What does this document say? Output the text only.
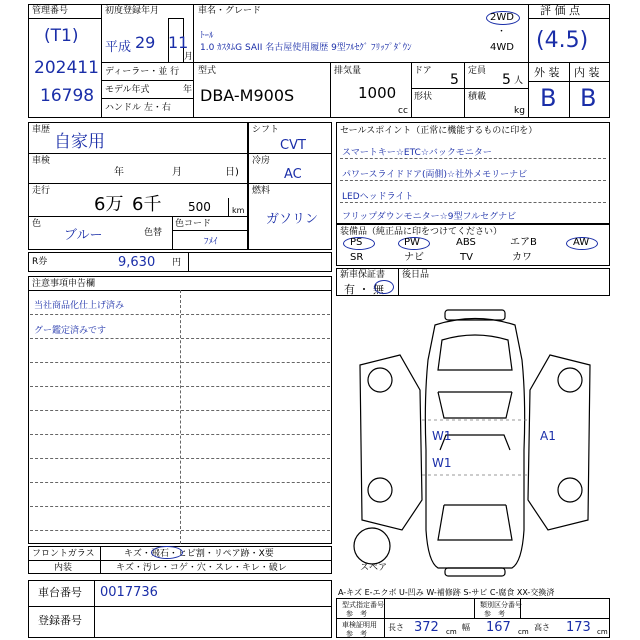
管理番号
(T1)
202411
16798
初度登録年月
平成 29 11
月
車名・グレード
ﾄｰﾙ
1.0 ｶｽﾀﾑG SAII 名古屋使用履歴 9型ﾌﾙｾｸﾞ ﾌﾘｯﾌﾟﾀﾞｳﾝ
2WD
・
4WD
評 価 点
(4.5)
ディーラー・並 行
モデル年式	年
ハンドル 左・右
型式
DBA-M900S
排気量
1000
cc
ドア
5
形状
定員
5 人
積載
kg
外 装 内 装
B B
車歴
自家用
車検
年	月	日)
走行
6万 6千 500	km
色
ブルー	色替
色コード
ﾌﾒｲ
シフト
CVT
冷房
AC
燃料
ガソリン
R券	9,630 円
セールスポイント（正常に機能するものに印を）
スマートキー☆ETC☆バックモニター
パワースライドドア(両側)☆社外メモリーナビ
LEDヘッドライト
フリップダウンモニター☆9型フルセグナビ
装備品（純正品に印をつけてください）
PS	PW	ABS	エアB	AW
SR	ナビ	TV	カワ
新車保証書 後日品
有 ・ 無
注意事項申告欄
当社商品化仕上げ済み
グー鑑定済みです
フロントガラス	キズ・飛石・ヒビ割・リペア跡・X要
内装	キズ・汚レ・コゲ・穴・スレ・キレ・破レ
車台番号 0017736
登録番号
W1
W1
A1
スペア
A-キズ E-エクボ U-凹み W-補修跡 S-サビ C-腐食 XX-交換済
型式指定番号
参　考
類別区分番号
参　考
車検証明用
参　考
長さ 372 cm 幅 167 cm 高さ 173 cm
